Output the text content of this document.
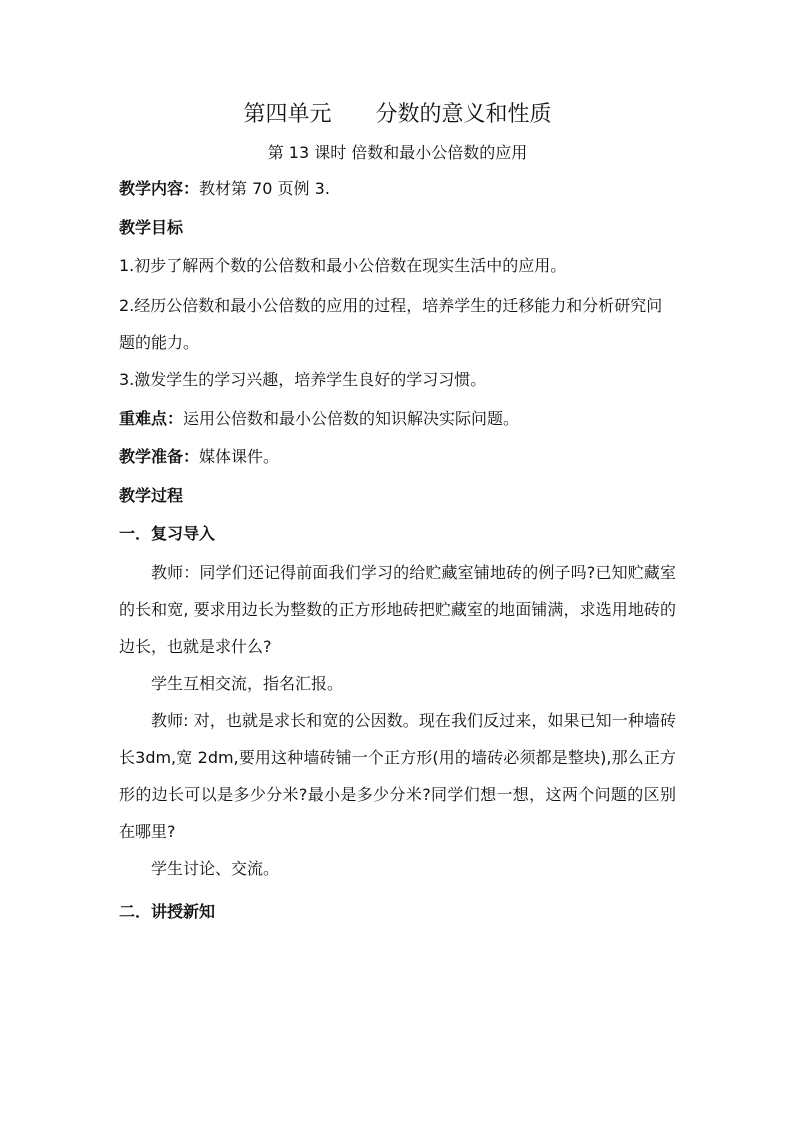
第四单元　　分数的意义和性质
第 13 课时 倍数和最小公倍数的应用

教学内容：教材第 70 页例 3.

教学目标

1.初步了解两个数的公倍数和最小公倍数在现实生活中的应用。

2.经历公倍数和最小公倍数的应用的过程，培养学生的迁移能力和分析研究问题的能力。

3.激发学生的学习兴趣，培养学生良好的学习习惯。

重难点：运用公倍数和最小公倍数的知识解决实际问题。

教学准备：媒体课件。

教学过程

一．复习导入

教师：同学们还记得前面我们学习的给贮藏室铺地砖的例子吗?已知贮藏室的长和宽, 要求用边长为整数的正方形地砖把贮藏室的地面铺满，求选用地砖的边长，也就是求什么?

学生互相交流，指名汇报。

教师: 对，也就是求长和宽的公因数。现在我们反过来，如果已知一种墙砖长3dm,宽 2dm,要用这种墙砖铺一个正方形(用的墙砖必须都是整块),那么正方形的边长可以是多少分米?最小是多少分米?同学们想一想，这两个问题的区别在哪里?

学生讨论、交流。

二．讲授新知
